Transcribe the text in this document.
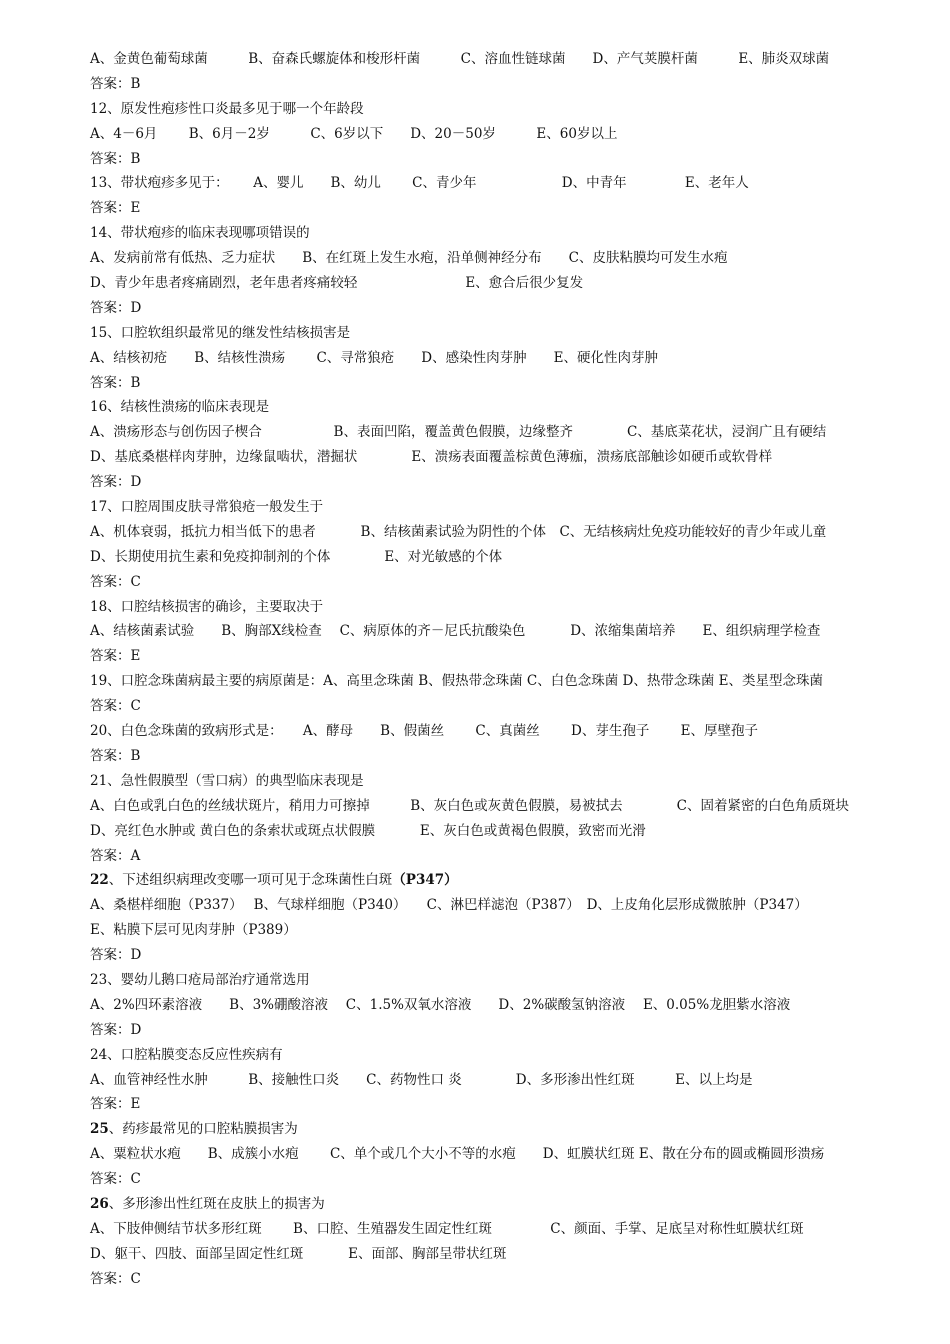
A、金黄色葡萄球菌　　　B、奋森氏螺旋体和梭形杆菌　　　C、溶血性链球菌　　D、产气荚膜杆菌　　　E、肺炎双球菌
答案：B
12、原发性疱疹性口炎最多见于哪一个年龄段
A、4－6月　　 B、6月－2岁　　　C、6岁以下　　D、20－50岁　　　E、60岁以上
答案：B
13、带状疱疹多见于：　　 A、婴儿　　B、幼儿　　 C、青少年　　　　　　 D、中青年　　　　 E、老年人
答案：E
14、带状疱疹的临床表现哪项错误的
A、发病前常有低热、乏力症状　　B、在红斑上发生水疱，沿单侧神经分布　　C、皮肤粘膜均可发生水疱
D、青少年患者疼痛剧烈，老年患者疼痛较轻　　　　　　　　E、愈合后很少复发
答案：D
15、口腔软组织最常见的继发性结核损害是
A、结核初疮　　B、结核性溃疡　　 C、寻常狼疮　　D、感染性肉芽肿　　E、硬化性肉芽肿
答案：B
16、结核性溃疡的临床表现是
A、溃疡形态与创伤因子楔合　　　　　 B、表面凹陷，覆盖黄色假膜，边缘整齐　　　　C、基底菜花状，浸润广且有硬结
D、基底桑椹样肉芽肿，边缘鼠啮状，潜掘状　　　　E、溃疡表面覆盖棕黄色薄痂，溃疡底部触诊如硬币或软骨样
答案：D
17、口腔周围皮肤寻常狼疮一般发生于
A、机体衰弱，抵抗力相当低下的患者　　　 B、结核菌素试验为阴性的个体　C、无结核病灶免疫功能较好的青少年或儿童
D、长期使用抗生素和免疫抑制剂的个体　　　　E、对光敏感的个体
答案：C
18、口腔结核损害的确诊，主要取决于
A、结核菌素试验　　B、胸部X线检查　 C、病原体的齐－尼氏抗酸染色　　　 D、浓缩集菌培养　　E、组织病理学检查
答案：E
19、口腔念珠菌病最主要的病原菌是：A、高里念珠菌 B、假热带念珠菌 C、白色念珠菌 D、热带念珠菌 E、类星型念珠菌
答案：C
20、白色念珠菌的致病形式是：　　A、酵母　　B、假菌丝　　 C、真菌丝　　 D、芽生孢子　　 E、厚壁孢子
答案：B
21、急性假膜型（雪口病）的典型临床表现是
A、白色或乳白色的丝绒状斑片，稍用力可擦掉　　　B、灰白色或灰黄色假膜，易被拭去　　　　C、固着紧密的白色角质斑块
D、亮红色水肿或 黄白色的条索状或斑点状假膜　　　 E、灰白色或黄褐色假膜，致密而光滑
答案：A
22、下述组织病理改变哪一项可见于念珠菌性白斑（P347）
A、桑椹样细胞（P337）　 B、气球样细胞（P340）　　C、淋巴样滤泡（P387）　D、上皮角化层形成微脓肿（P347）
E、粘膜下层可见肉芽肿（P389）
答案：D
23、婴幼儿鹅口疮局部治疗通常选用
A、2%四环素溶液　　B、3%硼酸溶液　 C、1.5%双氧水溶液　　D、2%碳酸氢钠溶液　 E、0.05%龙胆紫水溶液
答案：D
24、口腔粘膜变态反应性疾病有
A、血管神经性水肿　　　B、接触性口炎　　C、药物性口 炎　　　　D、多形渗出性红斑　　　E、以上均是
答案：E
25、药疹最常见的口腔粘膜损害为
A、粟粒状水疱　　B、成簇小水疱　　 C、单个或几个大小不等的水疱　　D、虹膜状红斑 E、散在分布的圆或椭圆形溃疡
答案：C
26、多形渗出性红斑在皮肤上的损害为
A、下肢伸侧结节状多形红斑　　 B、口腔、生殖器发生固定性红斑　　　　 C、颜面、手掌、足底呈对称性虹膜状红斑
D、躯干、四肢、面部呈固定性红斑　　　 E、面部、胸部呈带状红斑
答案：C
